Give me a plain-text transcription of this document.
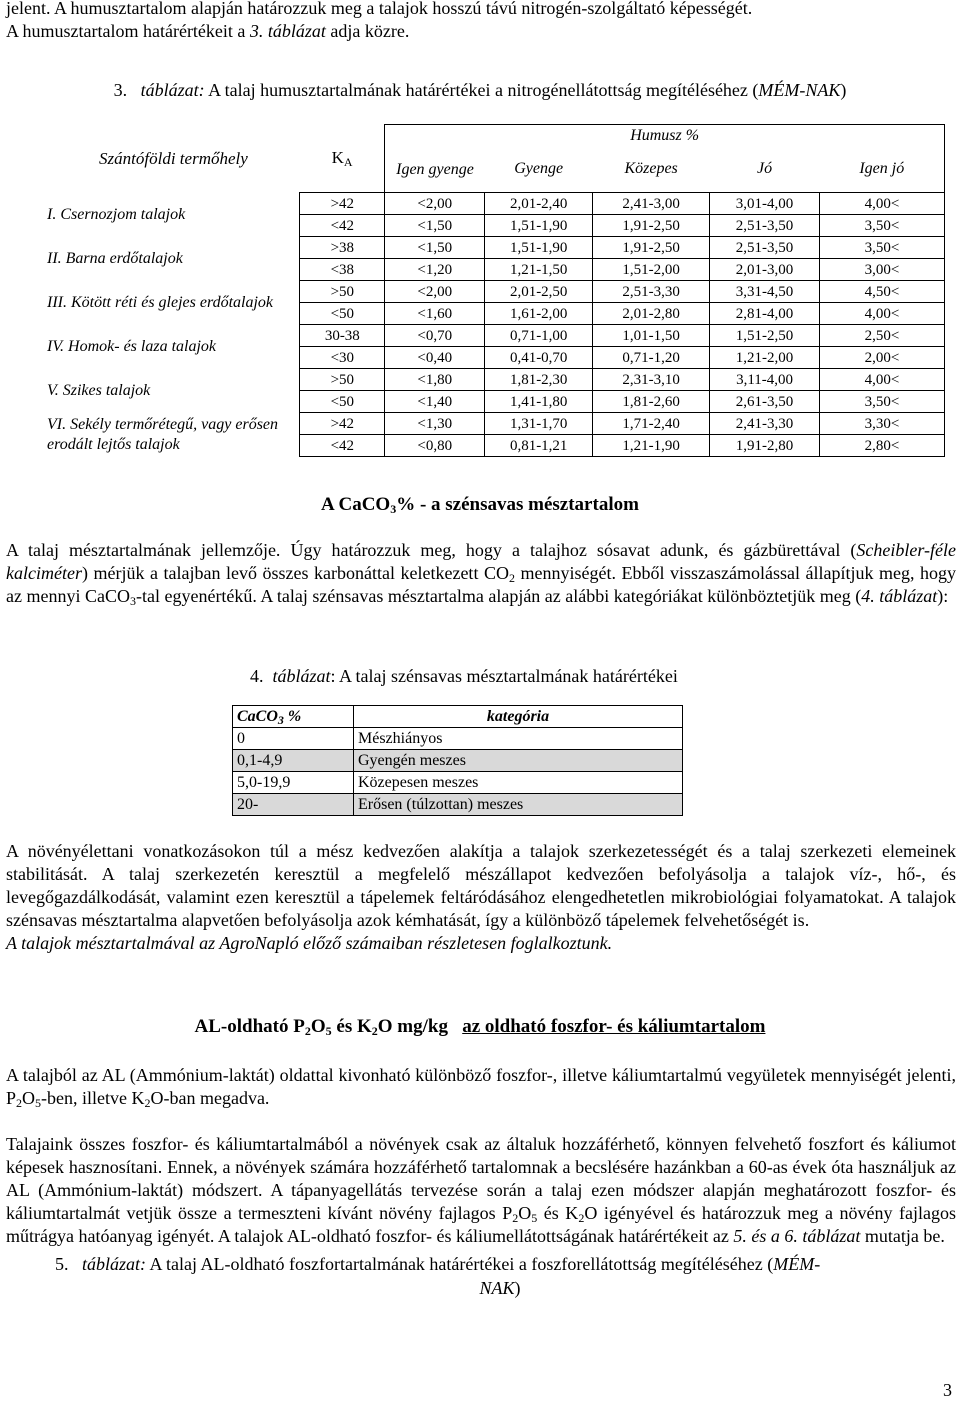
jelent. A humusztartalom alapján határozzuk meg a talajok hosszú távú nitrogén-szolgáltató képességét.
A humusztartalom határértékeit a 3. táblázat adja közre.

3. táblázat: A talaj humusztartalmának határértékei a nitrogénellátottság megítéléséhez (MÉM-NAK)
Szántóföldi termőhely	$K_A$	Humusz %				
		Igen gyenge	Gyenge	Közepes	Jó	Igen jó
I. Csernozjom talajok	>42	<2,00	2,01-2,40	2,41-3,00	3,01-4,00	4,00<
	<42	<1,50	1,51-1,90	1,91-2,50	2,51-3,50	3,50<
II. Barna erdőtalajok	>38	<1,50	1,51-1,90	1,91-2,50	2,51-3,50	3,50<
	<38	<1,20	1,21-1,50	1,51-2,00	2,01-3,00	3,00<
III. Kötött réti és glejes erdőtalajok	>50	<2,00	2,01-2,50	2,51-3,30	3,31-4,50	4,50<
	<50	<1,60	1,61-2,00	2,01-2,80	2,81-4,00	4,00<
IV. Homok- és laza talajok	30-38	<0,70	0,71-1,00	1,01-1,50	1,51-2,50	2,50<
	<30	<0,40	0,41-0,70	0,71-1,20	1,21-2,00	2,00<
V. Szikes talajok	>50	<1,80	1,81-2,30	2,31-3,10	3,11-4,00	4,00<
	<50	<1,40	1,41-1,80	1,81-2,60	2,61-3,50	3,50<
VI. Sekély termőrétegű, vagy erősen erodált lejtős talajok	>42	<1,30	1,31-1,70	1,71-2,40	2,41-3,30	3,30<
	<42	<0,80	0,81-1,21	1,21-1,90	1,91-2,80	2,80<
A CaCO$_3$% - a szénsavas mésztartalom

A talaj mésztartalmának jellemzője. Úgy határozzuk meg, hogy a talajhoz sósavat adunk, és gázbürettával (Scheibler-féle kalciméter) mérjük a talajban levő összes karbonáttal keletkezett $CO_2$ mennyiségét. Ebből visszaszámolással állapítjuk meg, hogy az mennyi CaCO$_3$-tal egyenértékű. A talaj szénsavas mésztartalma alapján az alábbi kategóriákat különböztetjük meg (4. táblázat):

4. táblázat: A talaj szénsavas mésztartalmának határértékei
CaCO$_3$ %	kategória
0	Mészhiányos
0,1-4,9	Gyengén meszes
5,0-19,9	Közepesen meszes
20-	Erősen (túlzottan) meszes

A növényélettani vonatkozásokon túl a mész kedvezően alakítja a talajok szerkezetességét és a talaj szerkezeti elemeinek stabilitását. A talaj szerkezetén keresztül a megfelelő mészállapot kedvezően befolyásolja a talajok víz-, hő-, és levegőgazdálkodását, valamint ezen keresztül a tápelemek feltáródásához elengedhetetlen mikrobiológiai folyamatokat. A talajok szénsavas mésztartalma alapvetően befolyásolja azok kémhatását, így a különböző tápelemek felvehetőségét is.
A talajok mésztartalmával az AgroNapló előző számaiban részletesen foglalkoztunk.

AL-oldható $P_2O_5$ és $K_2O$ mg/kg az oldható foszfor- és káliumtartalom

A talajból az AL (Ammónium-laktát) oldattal kivonható különböző foszfor-, illetve káliumtartalmú vegyületek mennyiségét jelenti, $P_2O_5$-ben, illetve $K_2O$-ban megadva.

Talajaink összes foszfor- és káliumtartalmából a növények csak az általuk hozzáférhető, könnyen felvehető foszfort és káliumot képesek hasznosítani. Ennek, a növények számára hozzáférhető tartalomnak a becslésére hazánkban a 60-as évek óta használjuk az AL (Ammónium-laktát) módszert. A tápanyagellátás tervezése során a talaj ezen módszer alapján meghatározott foszfor- és káliumtartalmát vetjük össze a termeszteni kívánt növény fajlagos $P_2O_5$ és $K_2O$ igényével és határozzuk meg a növény fajlagos műtrágya hatóanyag igényét. A talajok AL-oldható foszfor- és káliumellátottságának határértékeit az 5. és a 6. táblázat mutatja be.

5. táblázat: A talaj AL-oldható foszfortartalmának határértékei a foszforellátottság megítéléséhez (MÉM-
NAK)
3
